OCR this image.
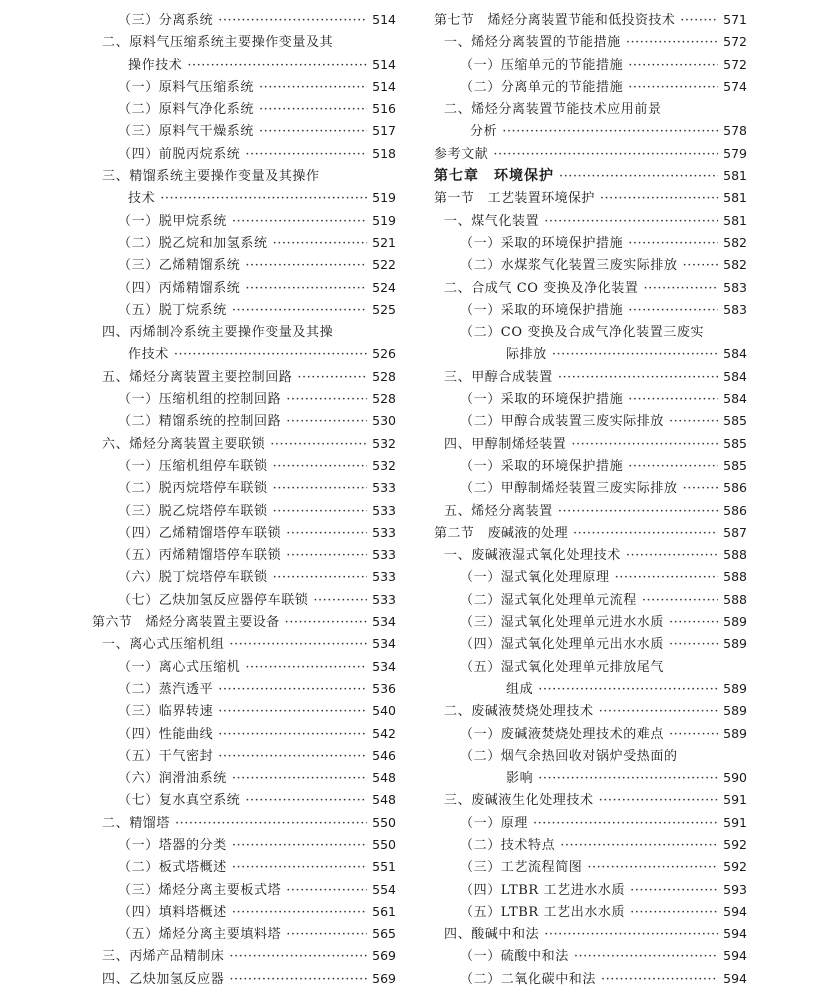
（三）分离系统 ·····	514
二、原料气压缩系统主要操作变量及其
操作技术 ·····	514
（一）原料气压缩系统 ·····	514
（二）原料气净化系统 ·····	516
（三）原料气干燥系统 ·····	517
（四）前脱丙烷系统 ·····	518
三、精馏系统主要操作变量及其操作
技术 ·····	519
（一）脱甲烷系统 ·····	519
（二）脱乙烷和加氢系统 ·····	521
（三）乙烯精馏系统 ·····	522
（四）丙烯精馏系统 ·····	524
（五）脱丁烷系统 ·····	525
四、丙烯制冷系统主要操作变量及其操
作技术 ·····	526
五、烯烃分离装置主要控制回路 ·····	528
（一）压缩机组的控制回路 ·····	528
（二）精馏系统的控制回路 ·····	530
六、烯烃分离装置主要联锁 ·····	532
（一）压缩机组停车联锁 ·····	532
（二）脱丙烷塔停车联锁 ·····	533
（三）脱乙烷塔停车联锁 ·····	533
（四）乙烯精馏塔停车联锁 ·····	533
（五）丙烯精馏塔停车联锁 ·····	533
（六）脱丁烷塔停车联锁 ·····	533
（七）乙炔加氢反应器停车联锁 ·····	533
第六节　烯烃分离装置主要设备 ·····	534
一、离心式压缩机组 ·····	534
（一）离心式压缩机 ·····	534
（二）蒸汽透平 ·····	536
（三）临界转速 ·····	540
（四）性能曲线 ·····	542
（五）干气密封 ·····	546
（六）润滑油系统 ·····	548
（七）复水真空系统 ·····	548
二、精馏塔 ·····	550
（一）塔器的分类 ·····	550
（二）板式塔概述 ·····	551
（三）烯烃分离主要板式塔 ·····	554
（四）填料塔概述 ·····	561
（五）烯烃分离主要填料塔 ·····	565
三、丙烯产品精制床 ·····	569
四、乙炔加氢反应器 ·····	569
第七节　烯烃分离装置节能和低投资技术 ·····	571
一、烯烃分离装置的节能措施 ·····	572
（一）压缩单元的节能措施 ·····	572
（二）分离单元的节能措施 ·····	574
二、烯烃分离装置节能技术应用前景
分析 ·····	578
参考文献 ·····	579
第七章　环境保护 ·····	581
第一节　工艺装置环境保护 ·····	581
一、煤气化装置 ·····	581
（一）采取的环境保护措施 ·····	582
（二）水煤浆气化装置三废实际排放 ·····	582
二、合成气 CO 变换及净化装置 ·····	583
（一）采取的环境保护措施 ·····	583
（二）CO 变换及合成气净化装置三废实
际排放 ·····	584
三、甲醇合成装置 ·····	584
（一）采取的环境保护措施 ·····	584
（二）甲醇合成装置三废实际排放 ·····	585
四、甲醇制烯烃装置 ·····	585
（一）采取的环境保护措施 ·····	585
（二）甲醇制烯烃装置三废实际排放 ·····	586
五、烯烃分离装置 ·····	586
第二节　废碱液的处理 ·····	587
一、废碱液湿式氧化处理技术 ·····	588
（一）湿式氧化处理原理 ·····	588
（二）湿式氧化处理单元流程 ·····	588
（三）湿式氧化处理单元进水水质 ·····	589
（四）湿式氧化处理单元出水水质 ·····	589
（五）湿式氧化处理单元排放尾气
组成 ·····	589
二、废碱液焚烧处理技术 ·····	589
（一）废碱液焚烧处理技术的难点 ·····	589
（二）烟气余热回收对锅炉受热面的
影响 ·····	590
三、废碱液生化处理技术 ·····	591
（一）原理 ·····	591
（二）技术特点 ·····	592
（三）工艺流程简图 ·····	592
（四）LTBR 工艺进水水质 ·····	593
（五）LTBR 工艺出水水质 ·····	594
四、酸碱中和法 ·····	594
（一）硫酸中和法 ·····	594
（二）二氧化碳中和法 ·····	594
